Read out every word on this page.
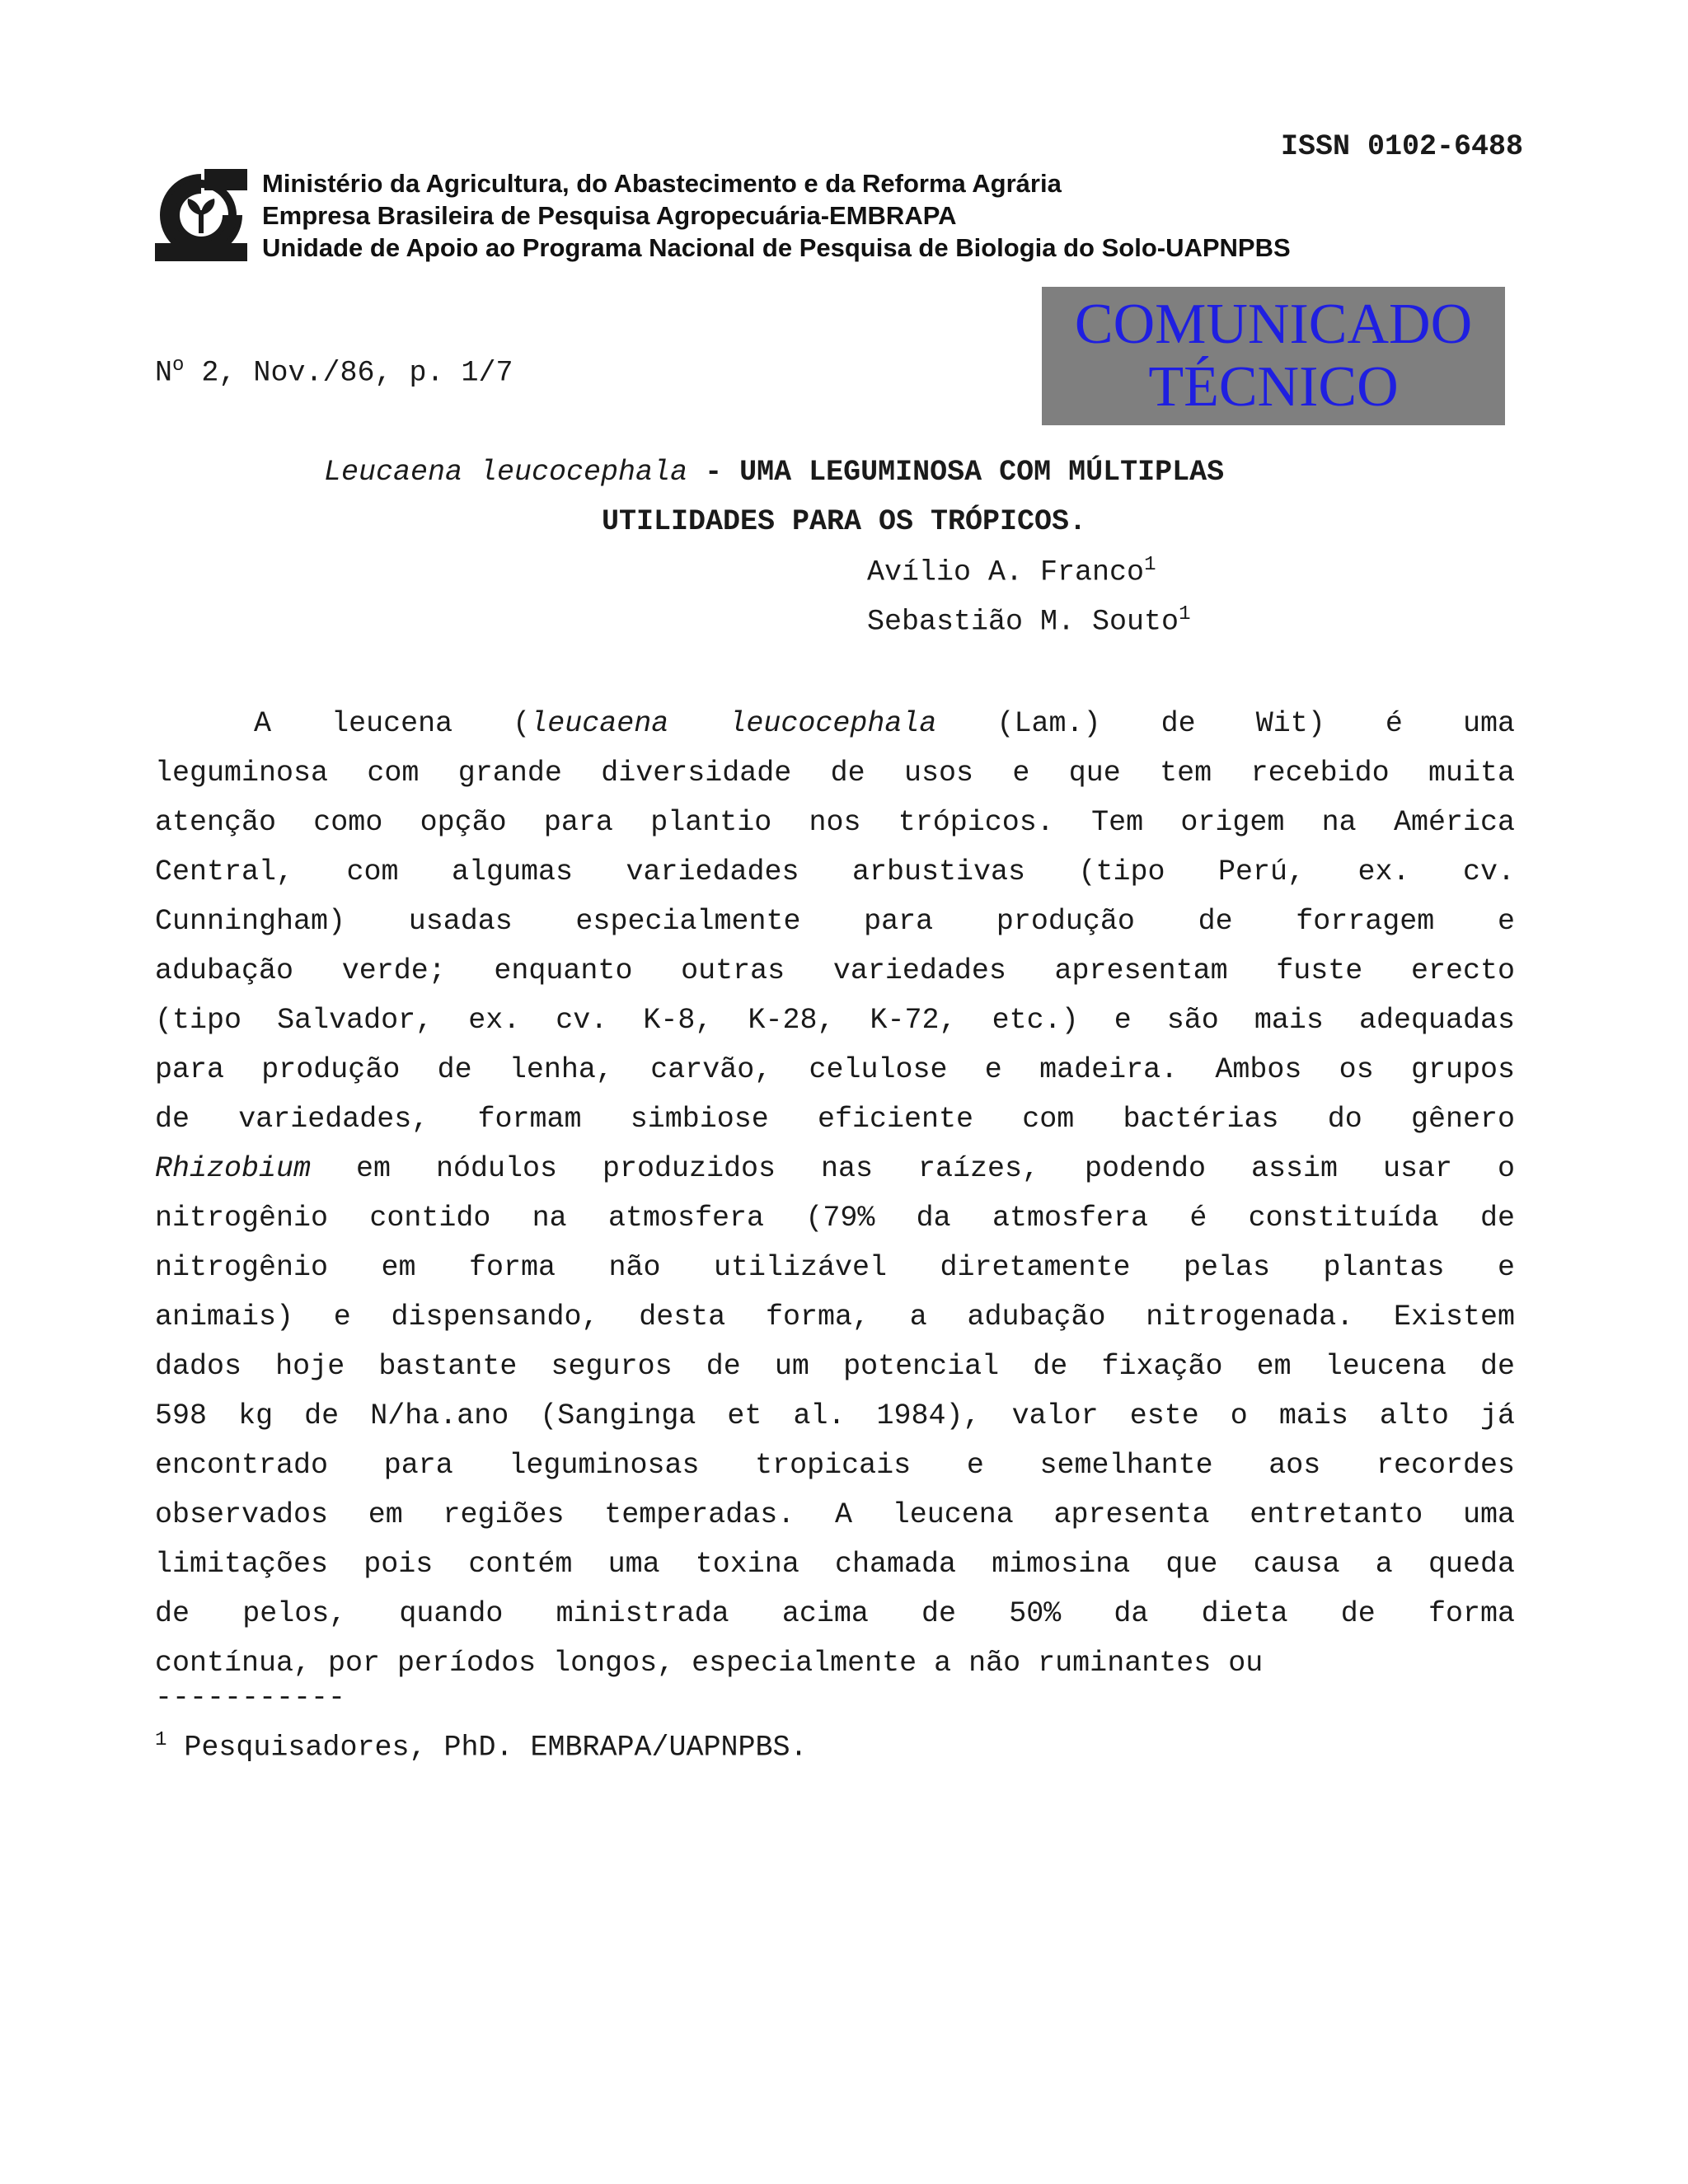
ISSN 0102-6488
Ministério da Agricultura, do Abastecimento e da Reforma Agrária
Empresa Brasileira de Pesquisa Agropecuária-EMBRAPA
Unidade de Apoio ao Programa Nacional de Pesquisa de Biologia do Solo-UAPNPBS
$N^o$ 2, Nov./86, p. 1/7
COMUNICADO
TÉCNICO
Leucaena leucocephala - UMA LEGUMINOSA COM MÚLTIPLAS
UTILIDADES PARA OS TRÓPICOS.
Avílio A. Franco$^1$
Sebastião M. Souto$^1$
A leucena (leucaena leucocephala (Lam.) de Wit) é uma
leguminosa com grande diversidade de usos e que tem recebido muita
atenção como opção para plantio nos trópicos. Tem origem na América
Central, com algumas variedades arbustivas (tipo Perú, ex. cv.
Cunningham) usadas especialmente para produção de forragem e
adubação verde; enquanto outras variedades apresentam fuste erecto
(tipo Salvador, ex. cv. K-8, K-28, K-72, etc.) e são mais adequadas
para produção de lenha, carvão, celulose e madeira. Ambos os grupos
de variedades, formam simbiose eficiente com bactérias do gênero
Rhizobium em nódulos produzidos nas raízes, podendo assim usar o
nitrogênio contido na atmosfera (79% da atmosfera é constituída de
nitrogênio em forma não utilizável diretamente pelas plantas e
animais) e dispensando, desta forma, a adubação nitrogenada. Existem
dados hoje bastante seguros de um potencial de fixação em leucena de
598 kg de N/ha.ano (Sanginga et al. 1984), valor este o mais alto já
encontrado para leguminosas tropicais e semelhante aos recordes
observados em regiões temperadas. A leucena apresenta entretanto uma
limitações pois contém uma toxina chamada mimosina que causa a queda
de pelos, quando ministrada acima de 50% da dieta de forma
contínua, por períodos longos, especialmente a não ruminantes ou
-----------
$^1$ Pesquisadores, PhD. EMBRAPA/UAPNPBS.
